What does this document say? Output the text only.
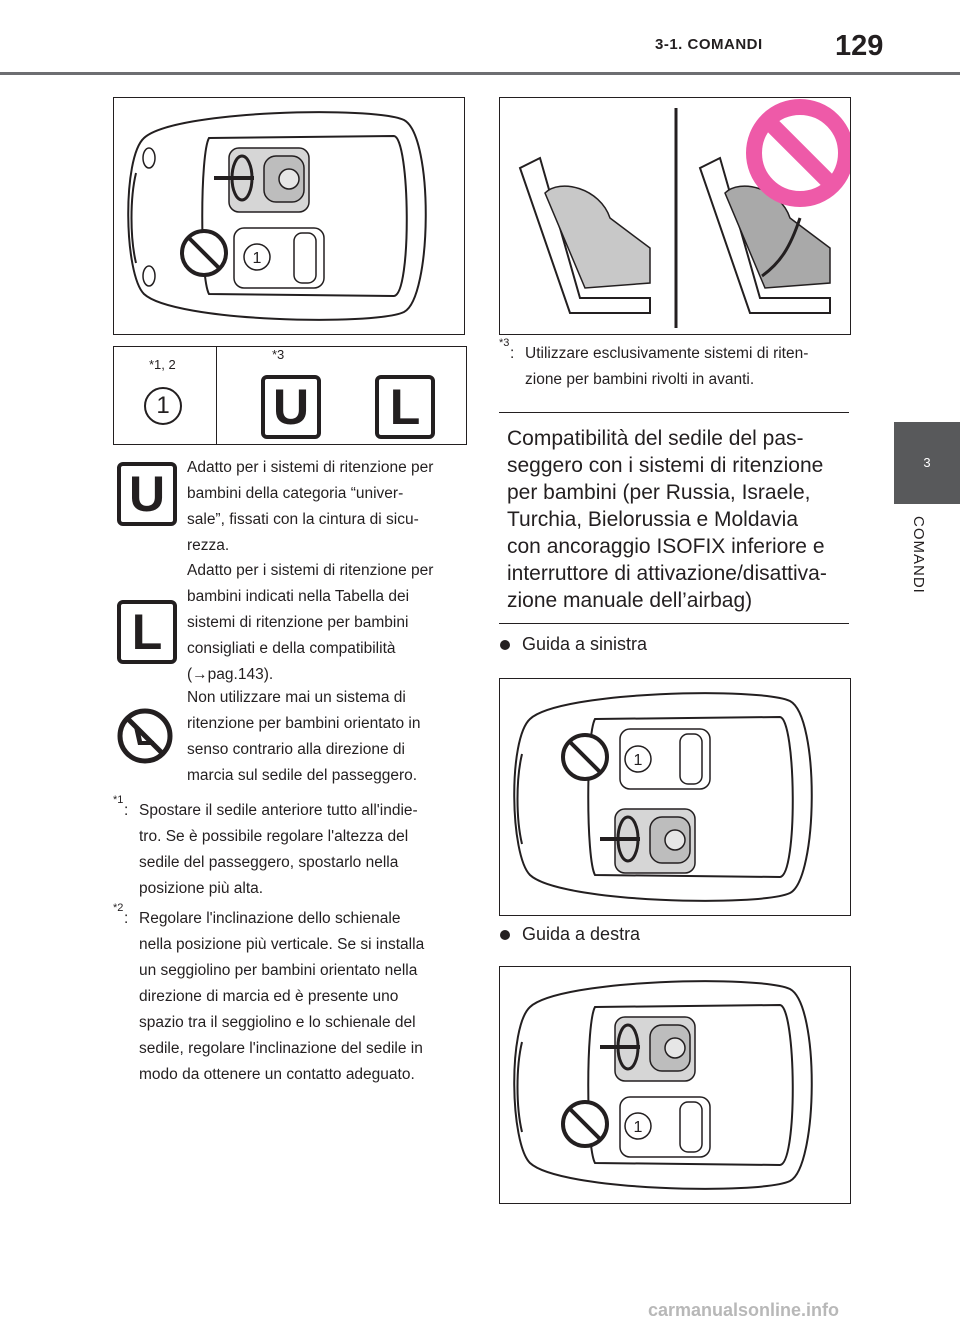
3-1. COMANDI 129
3
COMANDI
1
*1, 2
*3
1 U L
U	Adatto per i sistemi di ritenzione per
bambini della categoria “univer-
sale”, fissati con la cintura di sicu-
rezza.
L
Adatto per i sistemi di ritenzione per
bambini indicati nella Tabella dei
sistemi di ritenzione per bambini
consigliati e della compatibilità
(→pag.143).
Non utilizzare mai un sistema di
ritenzione per bambini orientato in
senso contrario alla direzione di
marcia sul sedile del passeggero.
*1
: Spostare il sedile anteriore tutto all'indie-
tro. Se è possibile regolare l'altezza del
sedile del passeggero, spostarlo nella
posizione più alta.
*2
: Regolare l'inclinazione dello schienale
nella posizione più verticale. Se si installa
un seggiolino per bambini orientato nella
direzione di marcia ed è presente uno
spazio tra il seggiolino e lo schienale del
sedile, regolare l'inclinazione del sedile in
modo da ottenere un contatto adeguato.
*3
: Utilizzare esclusivamente sistemi di riten-
zione per bambini rivolti in avanti.
Compatibilità del sedile del pas-
seggero con i sistemi di ritenzione
per bambini (per Russia, Israele,
Turchia, Bielorussia e Moldavia
con ancoraggio ISOFIX inferiore e
interruttore di attivazione/disattiva-
zione manuale dell’airbag)
Guida a sinistra
1
Guida a destra
1
carmanualsonline.info
